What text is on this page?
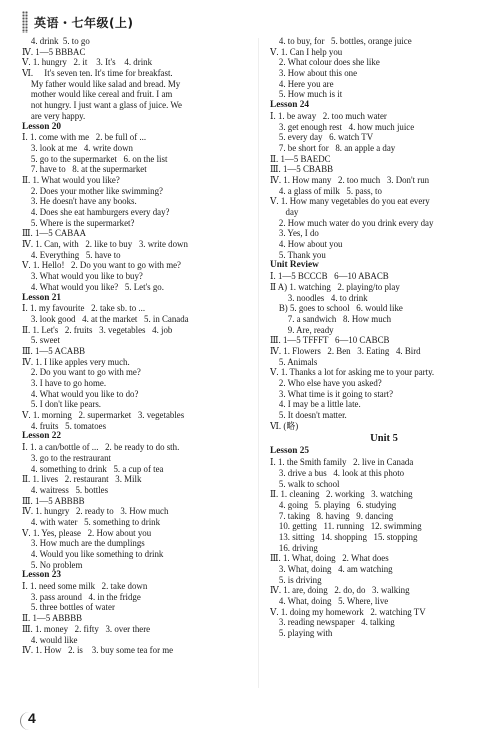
英语・七年级(上)
4. drink  5. to go
Ⅳ. 1—5 BBBAC
Ⅴ. 1. hungry   2. it    3. It's    4. drink
Ⅵ.     It's seven ten. It's time for breakfast.
My father would like salad and bread. My
mother would like cereal and fruit. I am
not hungry. I just want a glass of juice. We
are very happy.
Lesson 20
Ⅰ. 1. come with me   2. be full of ...
3. look at me   4. write down
5. go to the supermarket   6. on the list
7. have to   8. at the supermarket
Ⅱ. 1. What would you like?
2. Does your mother like swimming?
3. He doesn't have any books.
4. Does she eat hamburgers every day?
5. Where is the supermarket?
Ⅲ. 1—5 CABAA
Ⅳ. 1. Can, with   2. like to buy   3. write down
4. Everything   5. have to
Ⅴ. 1. Hello!   2. Do you want to go with me?
3. What would you like to buy?
4. What would you like?   5. Let's go.
Lesson 21
Ⅰ. 1. my favourite   2. take sb. to ...
3. look good   4. at the market   5. in Canada
Ⅱ. 1. Let's   2. fruits   3. vegetables   4. job
5. sweet
Ⅲ. 1—5 ACABB
Ⅳ. 1. I like apples very much.
2. Do you want to go with me?
3. I have to go home.
4. What would you like to do?
5. I don't like pears.
Ⅴ. 1. morning   2. supermarket   3. vegetables
4. fruits   5. tomatoes
Lesson 22
Ⅰ. 1. a can/bottle of ...   2. be ready to do sth.
3. go to the restraurant
4. something to drink   5. a cup of tea
Ⅱ. 1. lives   2. restaurant   3. Milk
4. waitress   5. bottles
Ⅲ. 1—5 ABBBB
Ⅳ. 1. hungry   2. ready to   3. How much
4. with water   5. something to drink
Ⅴ. 1. Yes, please   2. How about you
3. How much are the dumplings
4. Would you like something to drink
5. No problem
Lesson 23
Ⅰ. 1. need some milk   2. take down
3. pass around   4. in the fridge
5. three bottles of water
Ⅱ. 1—5 ABBBB
Ⅲ. 1. money   2. fifty   3. over there
4. would like
Ⅳ. 1. How   2. is    3. buy some tea for me
4. to buy, for   5. bottles, orange juice
Ⅴ. 1. Can I help you
2. What colour does she like
3. How about this one
4. Here you are
5. How much is it
Lesson 24
Ⅰ. 1. be away   2. too much water
3. get enough rest   4. how much juice
5. every day   6. watch TV
7. be short for   8. an apple a day
Ⅱ. 1—5 BAEDC
Ⅲ. 1—5 CBABB
Ⅳ. 1. How many   2. too much   3. Don't run
4. a glass of milk   5. pass, to
Ⅴ. 1. How many vegetables do you eat every
day
2. How much water do you drink every day
3. Yes, I do
4. How about you
5. Thank you
Unit Review
Ⅰ. 1—5 BCCCB   6—10 ABACB
Ⅱ A) 1. watching   2. playing/to play
3. noodles   4. to drink
B) 5. goes to school   6. would like
7. a sandwich   8. How much
9. Are, ready
Ⅲ. 1—5 TFFFT   6—10 CABCB
Ⅳ. 1. Flowers   2. Ben   3. Eating   4. Bird
5. Animals
Ⅴ. 1. Thanks a lot for asking me to your party.
2. Who else have you asked?
3. What time is it going to start?
4. I may be a little late.
5. It doesn't matter.
Ⅵ. (略)
Unit 5
Lesson 25
Ⅰ. 1. the Smith family   2. live in Canada
3. drive a bus   4. look at this photo
5. walk to school
Ⅱ. 1. cleaning   2. working   3. watching
4. going   5. playing   6. studying
7. taking   8. having   9. dancing
10. getting   11. running   12. swimming
13. sitting   14. shopping   15. stopping
16. driving
Ⅲ. 1. What, doing   2. What does
3. What, doing   4. am watching
5. is driving
Ⅳ. 1. are, doing   2. do, do   3. walking
4. What, doing   5. Where, live
Ⅴ. 1. doing my homework   2. watching TV
3. reading newspaper   4. talking
5. playing with
4
